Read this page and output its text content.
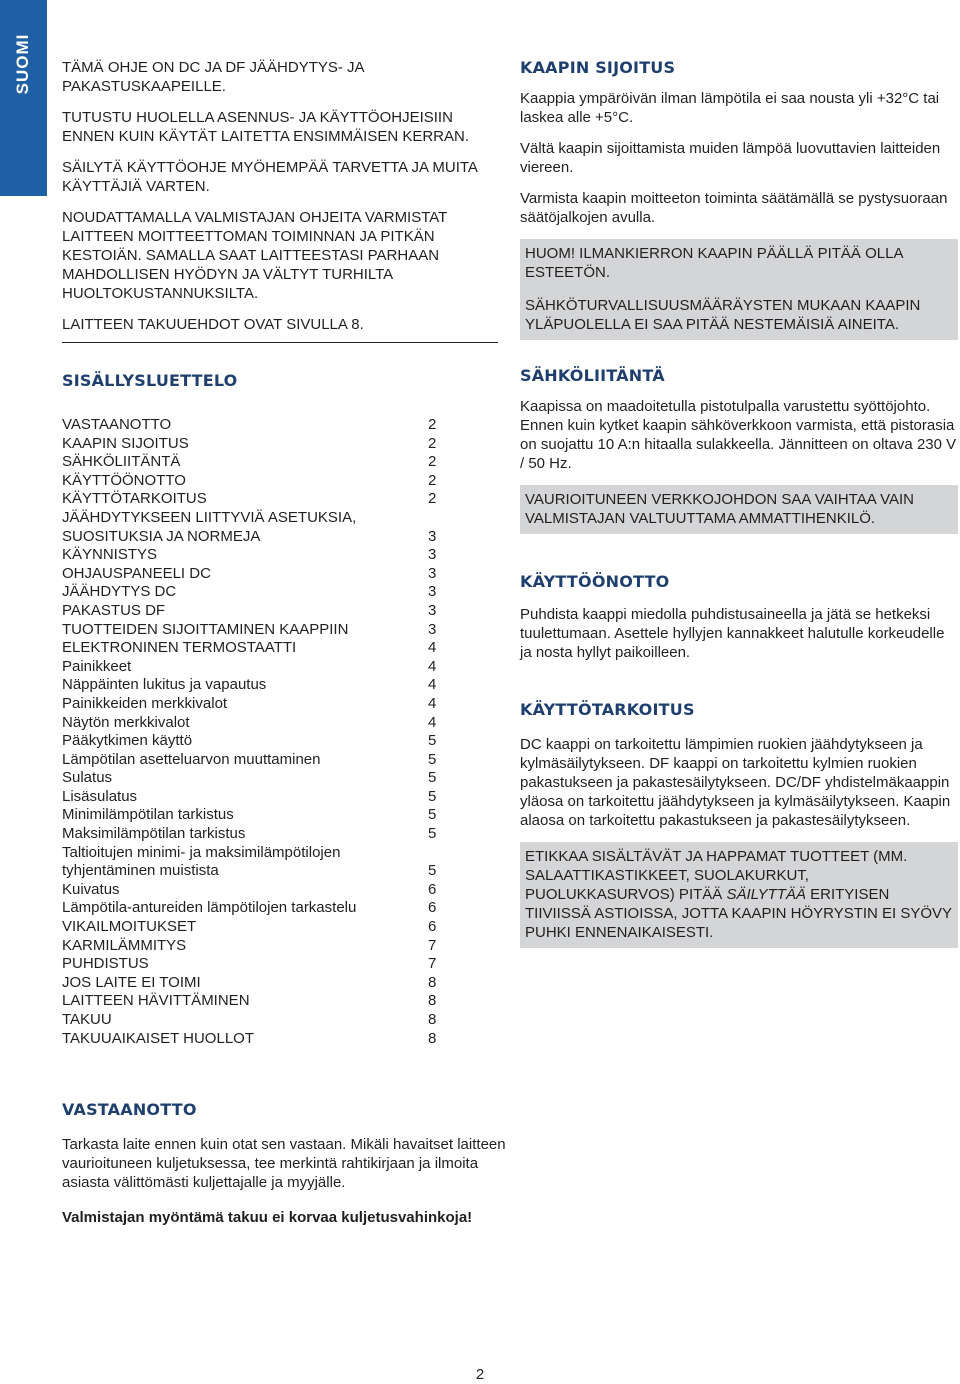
SUOMI TÄMÄ OHJE ON DC JA DF JÄÄHDYTYS- JA PAKASTUSKAAPEILLE.

TUTUSTU HUOLELLA ASENNUS- JA KÄYTTÖOHJEISIIN ENNEN KUIN KÄYTÄT LAITETTA ENSIMMÄISEN KERRAN.

SÄILYTÄ KÄYTTÖOHJE MYÖHEMPÄÄ TARVETTA JA MUITA KÄYTTÄJIÄ VARTEN.

NOUDATTAMALLA VALMISTAJAN OHJEITA VARMISTAT LAITTEEN MOITTEETTOMAN TOIMINNAN JA PITKÄN KESTOIÄN. SAMALLA SAAT LAITTEESTASI PARHAAN MAHDOLLISEN HYÖDYN JA VÄLTYT TURHILTA HUOLTOKUSTANNUKSILTA.

LAITTEEN TAKUUEHDOT OVAT SIVULLA 8.

SISÄLLYSLUETTELO
VASTAANOTTO	2
KAAPIN SIJOITUS	2
SÄHKÖLIITÄNTÄ	2
KÄYTTÖÖNOTTO	2
KÄYTTÖTARKOITUS	2
JÄÄHDYTYKSEEN LIITTYVIÄ ASETUKSIA,
SUOSITUKSIA JA NORMEJA	3
KÄYNNISTYS	3
OHJAUSPANEELI DC	3
JÄÄHDYTYS DC	3
PAKASTUS DF	3
TUOTTEIDEN SIJOITTAMINEN KAAPPIIN	3
ELEKTRONINEN TERMOSTAATTI	4
Painikkeet	4
Näppäinten lukitus ja vapautus	4
Painikkeiden merkkivalot	4
Näytön merkkivalot	4
Pääkytkimen käyttö	5
Lämpötilan asetteluarvon muuttaminen	5
Sulatus	5
Lisäsulatus	5
Minimilämpötilan tarkistus	5
Maksimilämpötilan tarkistus	5
Taltioitujen minimi- ja maksimilämpötilojen
tyhjentäminen muistista	5
Kuivatus	6
Lämpötila-antureiden lämpötilojen tarkastelu	6
VIKAILMOITUKSET	6
KARMILÄMMITYS	7
PUHDISTUS	7
JOS LAITE EI TOIMI	8
LAITTEEN HÄVITTÄMINEN	8
TAKUU	8
TAKUUAIKAISET HUOLLOT	8
VASTAANOTTO

Tarkasta laite ennen kuin otat sen vastaan. Mikäli havaitset laitteen vaurioituneen kuljetuksessa, tee merkintä rahtikirjaan ja ilmoita asiasta välittömästi kuljettajalle ja myyjälle.

Valmistajan myöntämä takuu ei korvaa kuljetusvahinkoja!

KAAPIN SIJOITUS

Kaappia ympäröivän ilman lämpötila ei saa nousta yli +32°C tai laskea alle +5°C.

Vältä kaapin sijoittamista muiden lämpöä luovuttavien laitteiden viereen.

Varmista kaapin moitteeton toiminta säätämällä se pystysuoraan säätöjalkojen avulla.

HUOM! ILMANKIERRON KAAPIN PÄÄLLÄ PITÄÄ OLLA ESTEETÖN.

SÄHKÖTURVALLISUUSMÄÄRÄYSTEN MUKAAN KAAPIN YLÄPUOLELLA EI SAA PITÄÄ NESTEMÄISIÄ AINEITA.

SÄHKÖLIITÄNTÄ

Kaapissa on maadoitetulla pistotulpalla varustettu syöttöjohto. Ennen kuin kytket kaapin sähköverkkoon varmista, että pistorasia on suojattu 10 A:n hitaalla sulakkeella. Jännitteen on oltava 230 V / 50 Hz.

VAURIOITUNEEN VERKKOJOHDON SAA VAIHTAA VAIN VALMISTAJAN VALTUUTTAMA AMMATTIHENKILÖ.
KÄYTTÖÖNOTTO

Puhdista kaappi miedolla puhdistusaineella ja jätä se hetkeksi tuulettumaan. Asettele hyllyjen kannakkeet halutulle korkeudelle ja nosta hyllyt paikoilleen.

KÄYTTÖTARKOITUS

DC kaappi on tarkoitettu lämpimien ruokien jäähdytykseen ja kylmäsäilytykseen. DF kaappi on tarkoitettu kylmien ruokien pakastukseen ja pakastesäilytykseen. DC/DF yhdistelmäkaappin yläosa on tarkoitettu jäähdytykseen ja kylmäsäilytykseen. Kaapin alaosa on tarkoitettu pakastukseen ja pakastesäilytykseen.

ETIKKAA SISÄLTÄVÄT JA HAPPAMAT TUOTTEET (MM. SALAATTIKASTIKKEET, SUOLAKURKUT, PUOLUKKASURVOS) PITÄÄ SÄILYTTÄÄ ERITYISEN TIIVIISSÄ ASTIOISSA, JOTTA KAAPIN HÖYRYSTIN EI SYÖVY PUHKI ENNENAIKAISESTI.
2
